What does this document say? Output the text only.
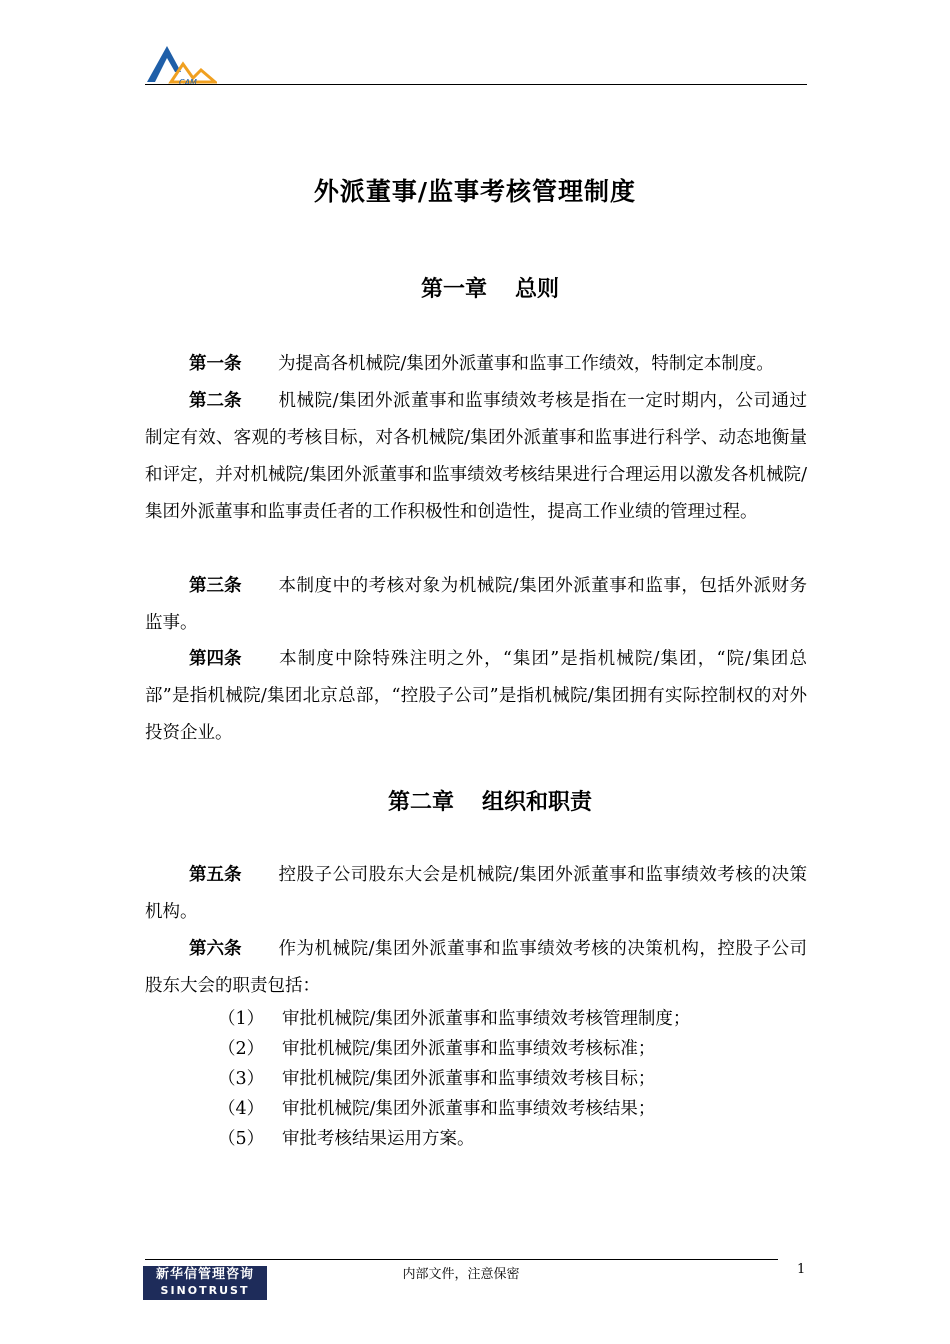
CAM
外派董事/监事考核管理制度
第一章 总则

第一条 为提高各机械院/集团外派董事和监事工作绩效，特制定本制度。

第二条 机械院/集团外派董事和监事绩效考核是指在一定时期内，公司通过制定有效、客观的考核目标，对各机械院/集团外派董事和监事进行科学、动态地衡量和评定，并对机械院/集团外派董事和监事绩效考核结果进行合理运用以激发各机械院/集团外派董事和监事责任者的工作积极性和创造性，提高工作业绩的管理过程。

第三条 本制度中的考核对象为机械院/集团外派董事和监事，包括外派财务监事。

第四条 本制度中除特殊注明之外，“集团”是指机械院/集团，“院/集团总部”是指机械院/集团北京总部，“控股子公司”是指机械院/集团拥有实际控制权的对外投资企业。

第二章 组织和职责

第五条 控股子公司股东大会是机械院/集团外派董事和监事绩效考核的决策机构。

第六条 作为机械院/集团外派董事和监事绩效考核的决策机构，控股子公司股东大会的职责包括：

（1） 审批机械院/集团外派董事和监事绩效考核管理制度；
（2） 审批机械院/集团外派董事和监事绩效考核标准；
（3） 审批机械院/集团外派董事和监事绩效考核目标；
（4） 审批机械院/集团外派董事和监事绩效考核结果；
（5） 审批考核结果运用方案。
新华信管理咨询
SINOTRUST
内部文件，注意保密	1
